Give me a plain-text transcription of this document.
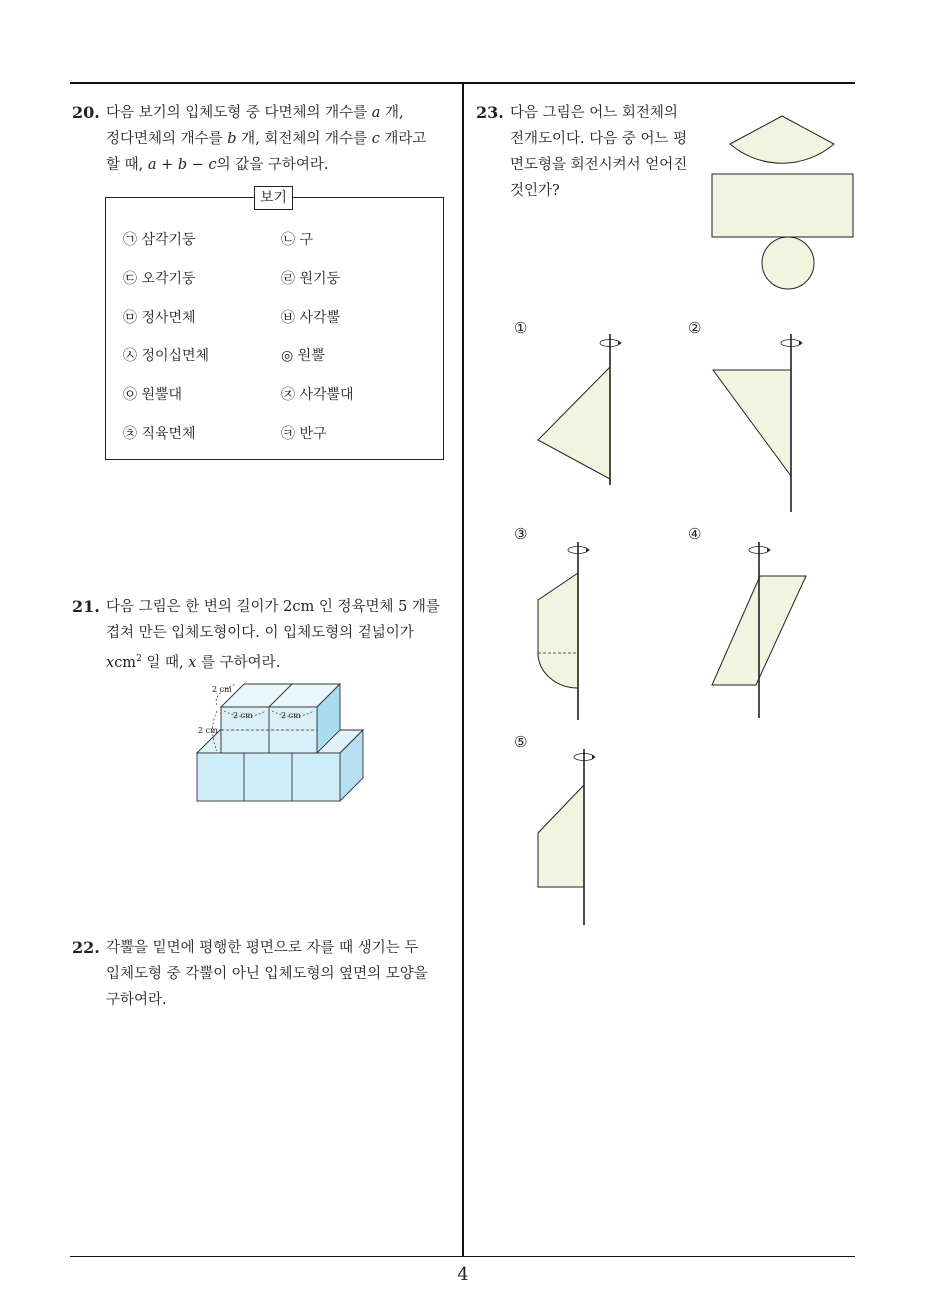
20. 다음 보기의 입체도형 중 다면체의 개수를 a 개,

정다면체의 개수를 b 개, 회전체의 개수를 c 개라고

할 때, a + b − c의 값을 구하여라.

보기
㉠ 삼각기둥	㉡ 구
㉢ 오각기둥	㉣ 원기둥
㉤ 정사면체	㉥ 사각뿔
㉦ 정이십면체	◎ 원뿔
㉧ 원뿔대	㉨ 사각뿔대
㉩ 직육면체	㉪ 반구
21. 다음 그림은 한 변의 길이가 2cm 인 정육면체 5 개를

겹쳐 만든 입체도형이다. 이 입체도형의 겉넓이가

xcm$^2$ 일 때, x 를 구하여라.

2 cm
2 cm	2 cm
2 cm
22. 각뿔을 밑면에 평행한 평면으로 자를 때 생기는 두

입체도형 중 각뿔이 아닌 입체도형의 옆면의 모양을

구하여라.

23. 다음 그림은 어느 회전체의

전개도이다. 다음 중 어느 평

면도형을 회전시켜서 얻어진

것인가?

①	②
③	④
⑤
4
